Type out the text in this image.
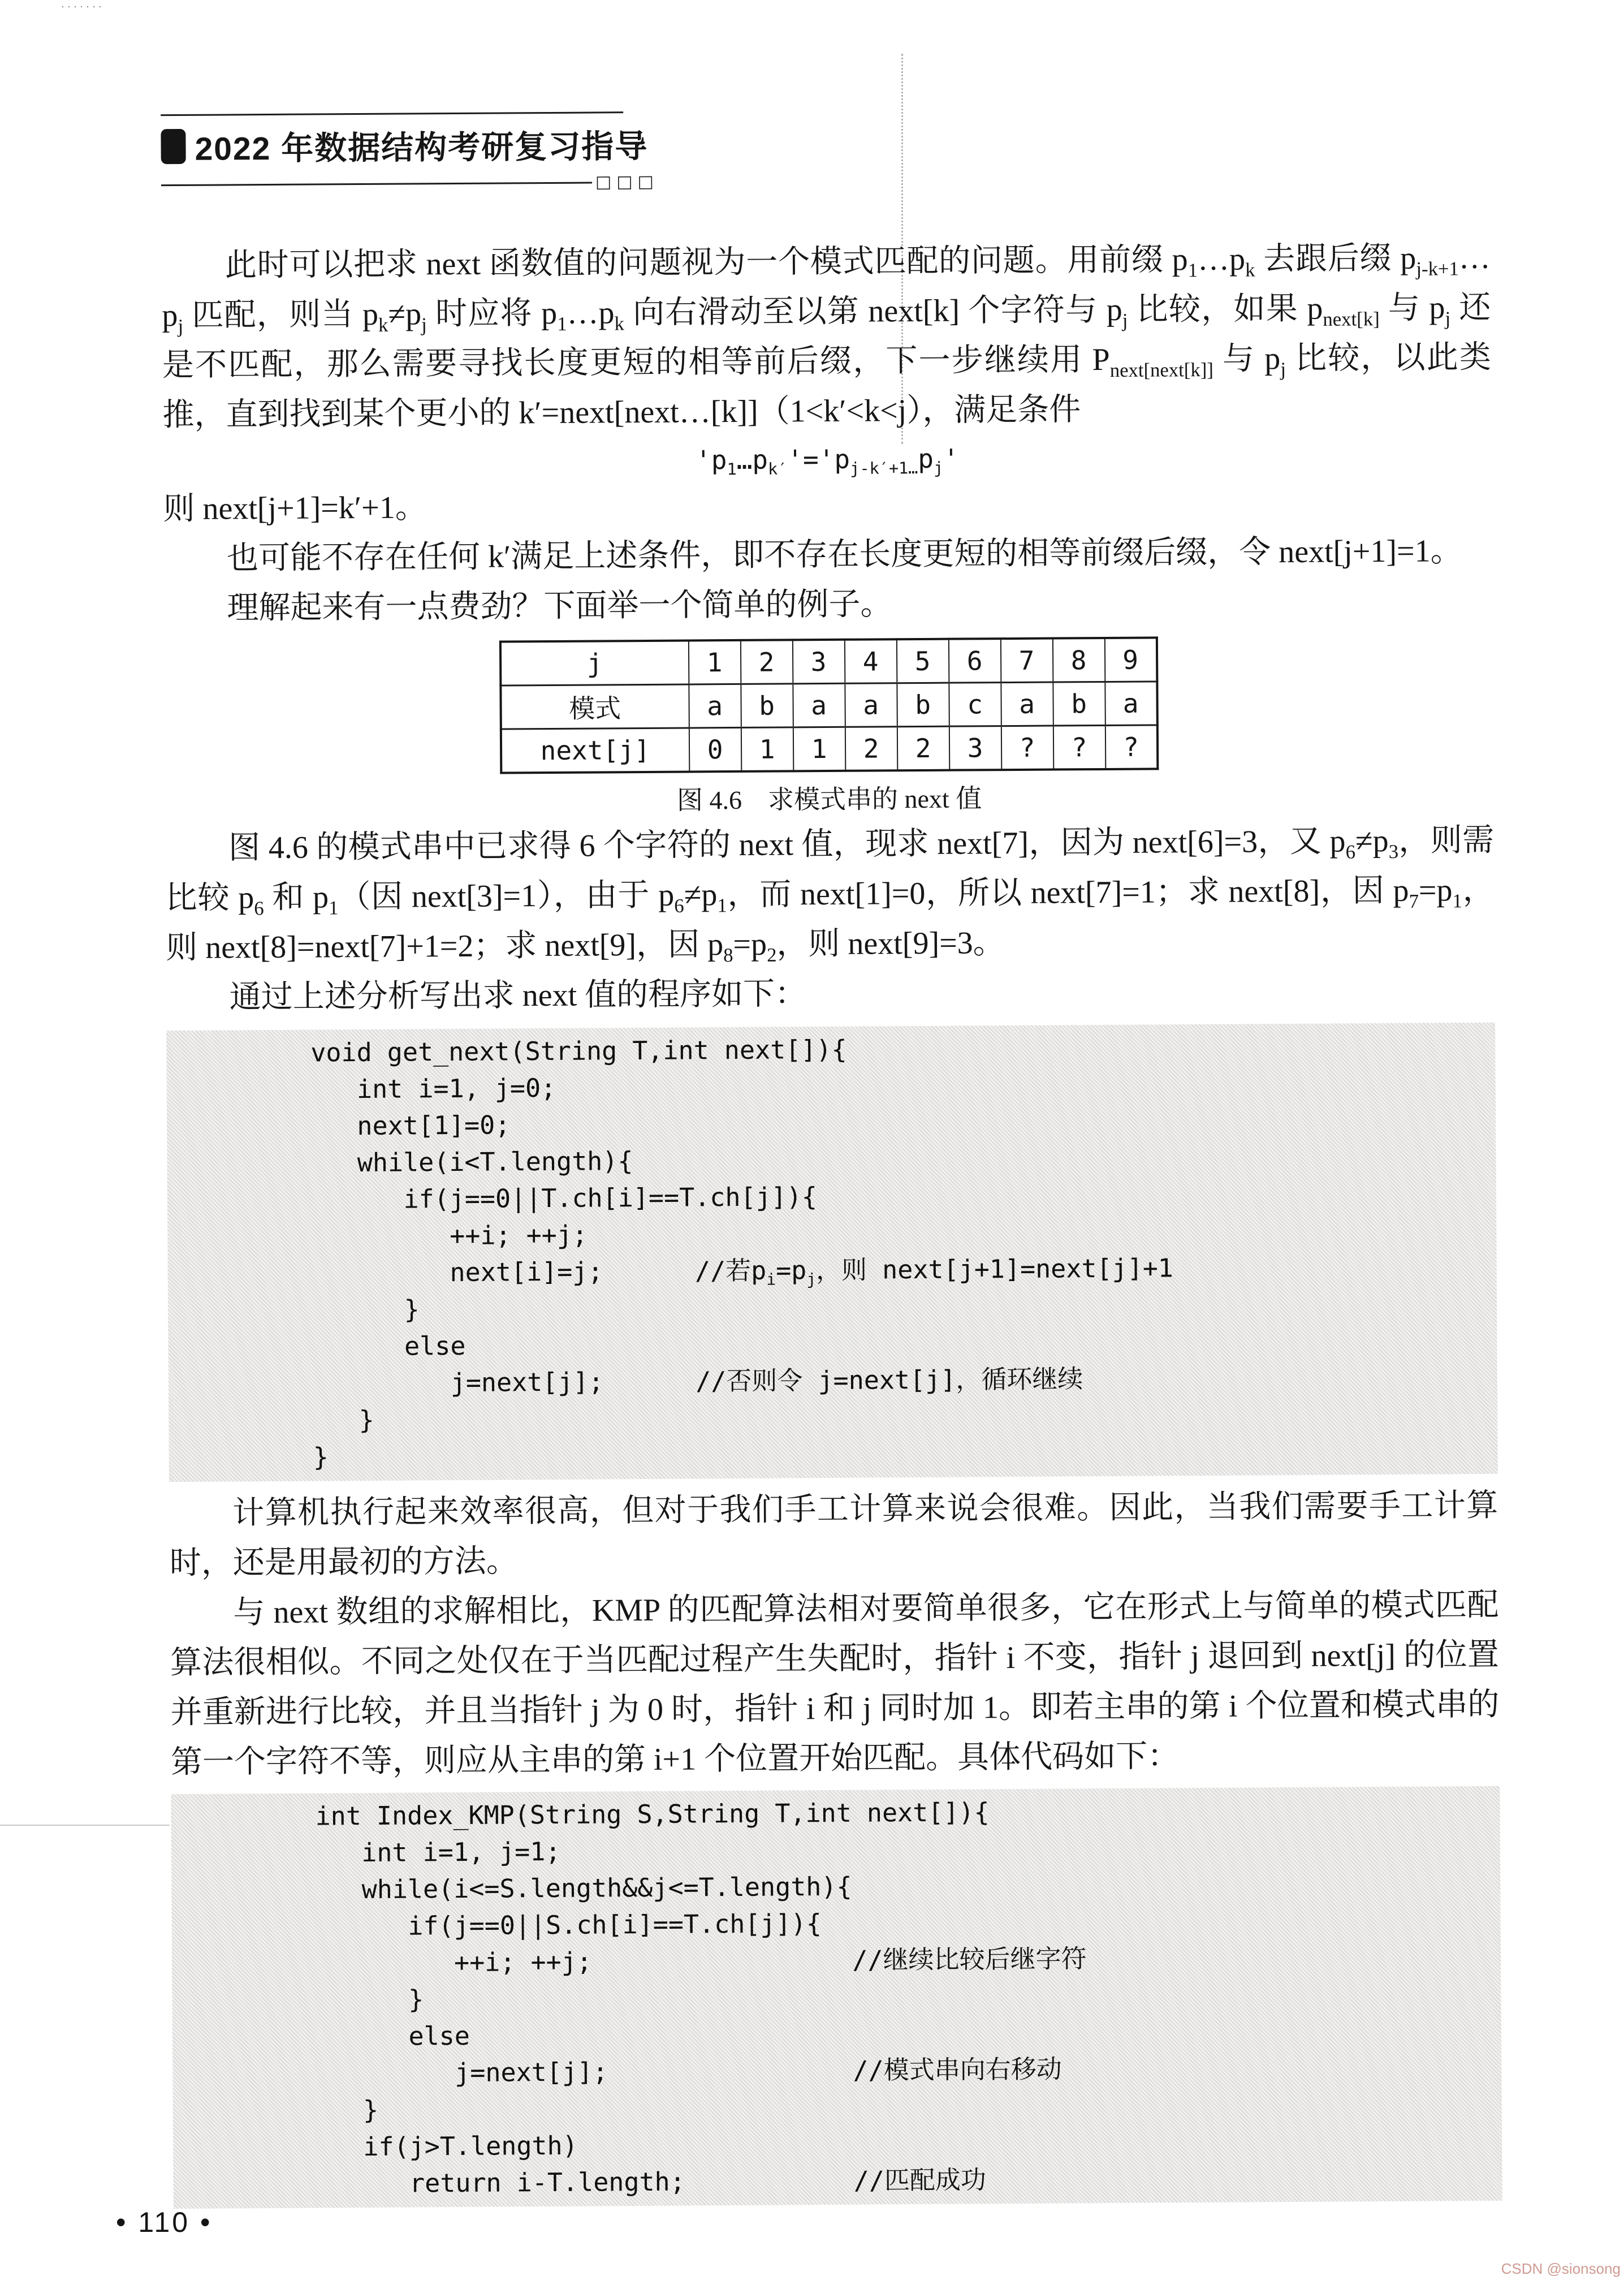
·······
2022 年数据结构考研复习指导
□□□

此时可以把求 next 函数值的问题视为一个模式匹配的问题。用前缀 $p_1\dots p_k$ 去跟后缀 $p_{j-k+1}\dots p_j$ 匹配，则当 $p_k\ne p_j$ 时应将 $p_1\dots p_k$ 向右滑动至以第 next[k] 个字符与 $p_j$ 比较，如果 $p_{next[k]}$ 与 $p_j$ 还是不匹配，那么需要寻找长度更短的相等前后缀，下一步继续用 $P_{next[next[k]]}$ 与 $p_j$ 比较，以此类推，直到找到某个更小的 k′=next[next…[k]]（1<k′<k<j），满足条件

'$p_1\dots p_{k'}'='p_{j-k'+1\dots}p_j$'

则 next[j+1]=k′+1。

也可能不存在任何 k′满足上述条件，即不存在长度更短的相等前缀后缀，令 next[j+1]=1。

理解起来有一点费劲？下面举一个简单的例子。

j	1	2	3	4	5	6	7	8	9
模式	a	b	a	a	b	c	a	b	a
next[j]	0	1	1	2	2	3	?	?	?
图 4.6　求模式串的 next 值

图 4.6 的模式串中已求得 6 个字符的 next 值，现求 next[7]，因为 next[6]=3，又 $p_6\ne p_3$，则需比较 $p_6$ 和 $p_1$（因 next[3]=1），由于 $p_6\ne p_1$，而 next[1]=0，所以 next[7]=1；求 next[8]，因 $p_7=p_1$，则 next[8]=next[7]+1=2；求 next[9]，因 $p_8=p_2$，则 next[9]=3。

通过上述分析写出求 next 值的程序如下：

void get_next(String T,int next[]){
int i=1, j=0;
next[1]=0;
while(i<T.length){
if(j==0||T.ch[i]==T.ch[j]){
++i; ++j;
next[i]=j;      //若$p_i=p_j$，则 next[j+1]=next[j]+1
}
else
j=next[j];      //否则令 j=next[j]，循环继续
}
}

计算机执行起来效率很高，但对于我们手工计算来说会很难。因此，当我们需要手工计算时，还是用最初的方法。

与 next 数组的求解相比，KMP 的匹配算法相对要简单很多，它在形式上与简单的模式匹配算法很相似。不同之处仅在于当匹配过程产生失配时，指针 i 不变，指针 j 退回到 next[j] 的位置并重新进行比较，并且当指针 j 为 0 时，指针 i 和 j 同时加 1。即若主串的第 i 个位置和模式串的第一个字符不等，则应从主串的第 i+1 个位置开始匹配。具体代码如下：

int Index_KMP(String S,String T,int next[]){
int i=1, j=1;
while(i<=S.length&&j<=T.length){
if(j==0||S.ch[i]==T.ch[j]){
++i; ++j;                 //继续比较后继字符
}
else
j=next[j];                //模式串向右移动
}
if(j>T.length)
return i-T.length;           //匹配成功
• 110 •
CSDN @sionsong
